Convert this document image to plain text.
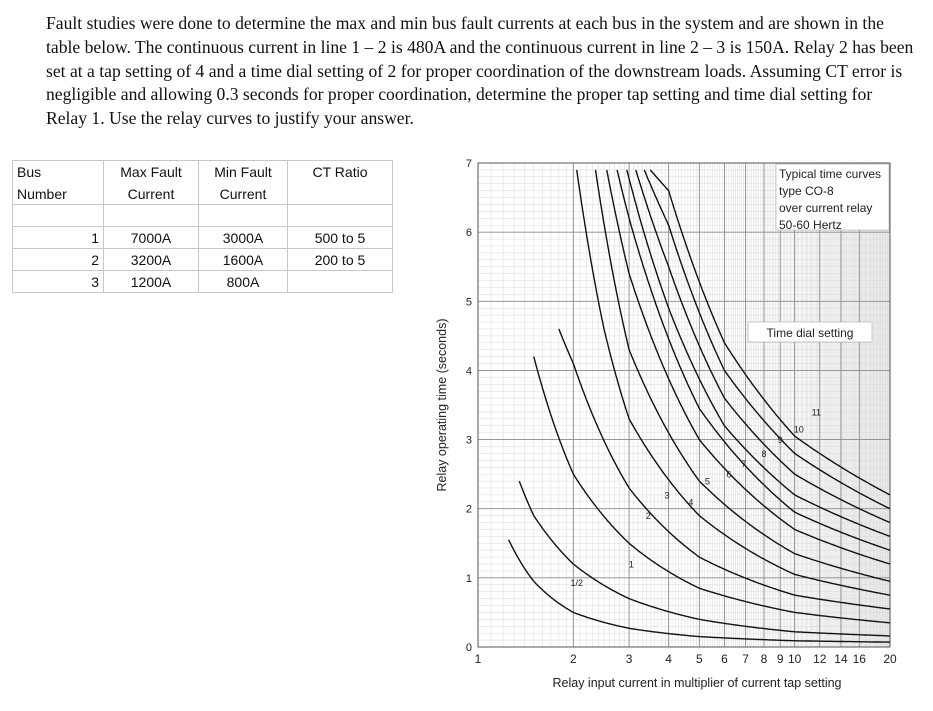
Fault studies were done to determine the max and min bus fault currents at each bus in the system and are shown in the table below. The continuous current in line 1 – 2 is 480A and the continuous current in line 2 – 3 is 150A. Relay 2 has been set at a tap setting of 4 and a time dial setting of 2 for proper coordination of the downstream loads. Assuming CT error is negligible and allowing 0.3 seconds for proper coordination, determine the proper tap setting and time dial setting for Relay 1. Use the relay curves to justify your answer.

Bus	Max Fault	Min Fault	CT Ratio
Number	Current	Current	

1	7000A	3000A	500 to 5
2	3200A	1600A	200 to 5
3	1200A	800A	
1/2
1
2
3
4
5
6
7
8
9
10
11
Typical time curves
type CO-8
over current relay
50-60 Hertz
Time dial setting
0
1
2
3
4
5
6
7
1	2	3	4 5 6 7 8 9 10 12 14 16 20
Relay input current in multiplier of current tap setting
Relay operating time (seconds)
